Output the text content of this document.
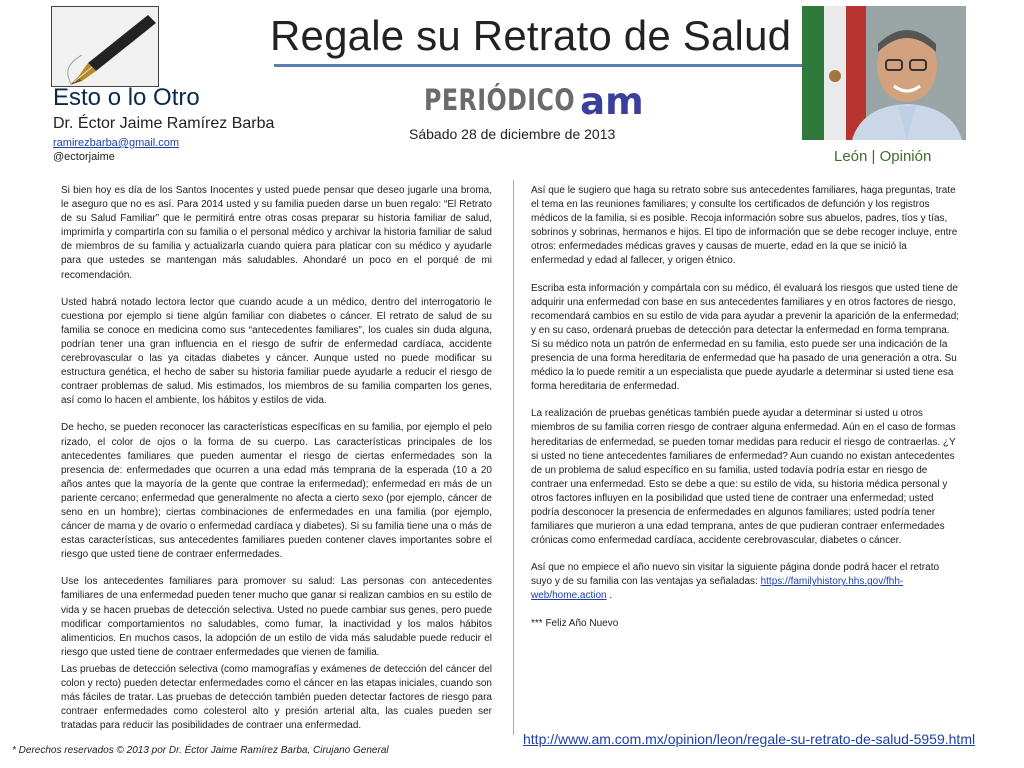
Regale su Retrato de Salud
Esto o lo Otro
Dr. Éctor Jaime Ramírez Barba
ramirezbarba@gmail.com
@ectorjaime
PERIÓDICO am
Sábado 28 de diciembre de 2013
León | Opinión

Si bien hoy es día de los Santos Inocentes y usted puede pensar que deseo jugarle una broma, le aseguro que no es así. Para 2014 usted y su familia pueden darse un buen regalo: “El Retrato de su Salud Familiar” que le permitirá entre otras cosas preparar su historia familiar de salud, imprimirla y compartirla con su familia o el personal médico y archivar la historia familiar de salud de miembros de su familia y actualizarla cuando quiera para platicar con su médico y ayudarle para que ustedes se mantengan más saludables. Ahondaré un poco en el porqué de mi recomendación.

Usted habrá notado lectora lector que cuando acude a un médico, dentro del interrogatorio le cuestiona por ejemplo si tiene algún familiar con diabetes o cáncer. El retrato de salud de su familia se conoce en medicina como sus “antecedentes familiares”, los cuales sin duda alguna, podrían tener una gran influencia en el riesgo de sufrir de enfermedad cardíaca, accidente cerebrovascular o las ya citadas diabetes y cáncer. Aunque usted no puede modificar su estructura genética, el hecho de saber su historia familiar puede ayudarle a reducir el riesgo de contraer problemas de salud. Mis estimados, los miembros de su familia comparten los genes, así como lo hacen el ambiente, los hábitos y estilos de vida.

De hecho, se pueden reconocer las características específicas en su familia, por ejemplo el pelo rizado, el color de ojos o la forma de su cuerpo. Las características principales de los antecedentes familiares que pueden aumentar el riesgo de ciertas enfermedades son la presencia de: enfermedades que ocurren a una edad más temprana de la esperada (10 a 20 años antes que la mayoría de la gente que contrae la enfermedad); enfermedad en más de un pariente cercano; enfermedad que generalmente no afecta a cierto sexo (por ejemplo, cáncer de seno en un hombre); ciertas combinaciones de enfermedades en una familia (por ejemplo, cáncer de mama y de ovario o enfermedad cardíaca y diabetes). Si su familia tiene una o más de estas características, sus antecedentes familiares pueden contener claves importantes sobre el riesgo que usted tiene de contraer enfermedades.

Use los antecedentes familiares para promover su salud: Las personas con antecedentes familiares de una enfermedad pueden tener mucho que ganar si realizan cambios en su estilo de vida y se hacen pruebas de detección selectiva. Usted no puede cambiar sus genes, pero puede modificar comportamientos no saludables, como fumar, la inactividad y los malos hábitos alimenticios. En muchos casos, la adopción de un estilo de vida más saludable puede reducir el riesgo que usted tiene de contraer enfermedades que vienen de familia.

Las pruebas de detección selectiva (como mamografías y exámenes de detección del cáncer del colon y recto) pueden detectar enfermedades como el cáncer en las etapas iniciales, cuando son más fáciles de tratar. Las pruebas de detección también pueden detectar factores de riesgo para contraer enfermedades como colesterol alto y presión arterial alta, las cuales pueden ser tratadas para reducir las posibilidades de contraer una enfermedad.

Así que le sugiero que haga su retrato sobre sus antecedentes familiares, haga preguntas, trate el tema en las reuniones familiares; y consulte los certificados de defunción y los registros médicos de la familia, si es posible. Recoja información sobre sus abuelos, padres, tíos y tías, sobrinos y sobrinas, hermanos e hijos. El tipo de información que se debe recoger incluye, entre otros: enfermedades médicas graves y causas de muerte, edad en la que se inició la enfermedad y edad al fallecer, y origen étnico.

Escriba esta información y compártala con su médico, él evaluará los riesgos que usted tiene de adquirir una enfermedad con base en sus antecedentes familiares y en otros factores de riesgo, recomendará cambios en su estilo de vida para ayudar a prevenir la aparición de la enfermedad; y en su caso, ordenará pruebas de detección para detectar la enfermedad en forma temprana. Si su médico nota un patrón de enfermedad en su familia, esto puede ser una indicación de la presencia de una forma hereditaria de enfermedad que ha pasado de una generación a otra. Su médico la lo puede remitir a un especialista que puede ayudarle a determinar si usted tiene esa forma hereditaria de enfermedad.

La realización de pruebas genéticas también puede ayudar a determinar si usted u otros miembros de su familia corren riesgo de contraer alguna enfermedad. Aún en el caso de formas hereditarias de enfermedad, se pueden tomar medidas para reducir el riesgo de contraerlas. ¿Y si usted no tiene antecedentes familiares de enfermedad? Aun cuando no existan antecedentes de un problema de salud específico en su familia, usted todavía podría estar en riesgo de contraer una enfermedad. Esto se debe a que: su estilo de vida, su historia médica personal y otros factores influyen en la posibilidad que usted tiene de contraer una enfermedad; usted podría desconocer la presencia de enfermedades en algunos familiares; usted podría tener familiares que murieron a una edad temprana, antes de que pudieran contraer enfermedades crónicas como enfermedad cardíaca, accidente cerebrovascular, diabetes o cáncer.

Así que no empiece el año nuevo sin visitar la siguiente página donde podrá hacer el retrato suyo y de su familia con las ventajas ya señaladas: https://familyhistory.hhs.gov/fhh-web/home.action .

*** Feliz Año Nuevo

http://www.am.com.mx/opinion/leon/regale-su-retrato-de-salud-5959.html
* Derechos reservados © 2013 por Dr. Éctor Jaime Ramírez Barba, Cirujano General
